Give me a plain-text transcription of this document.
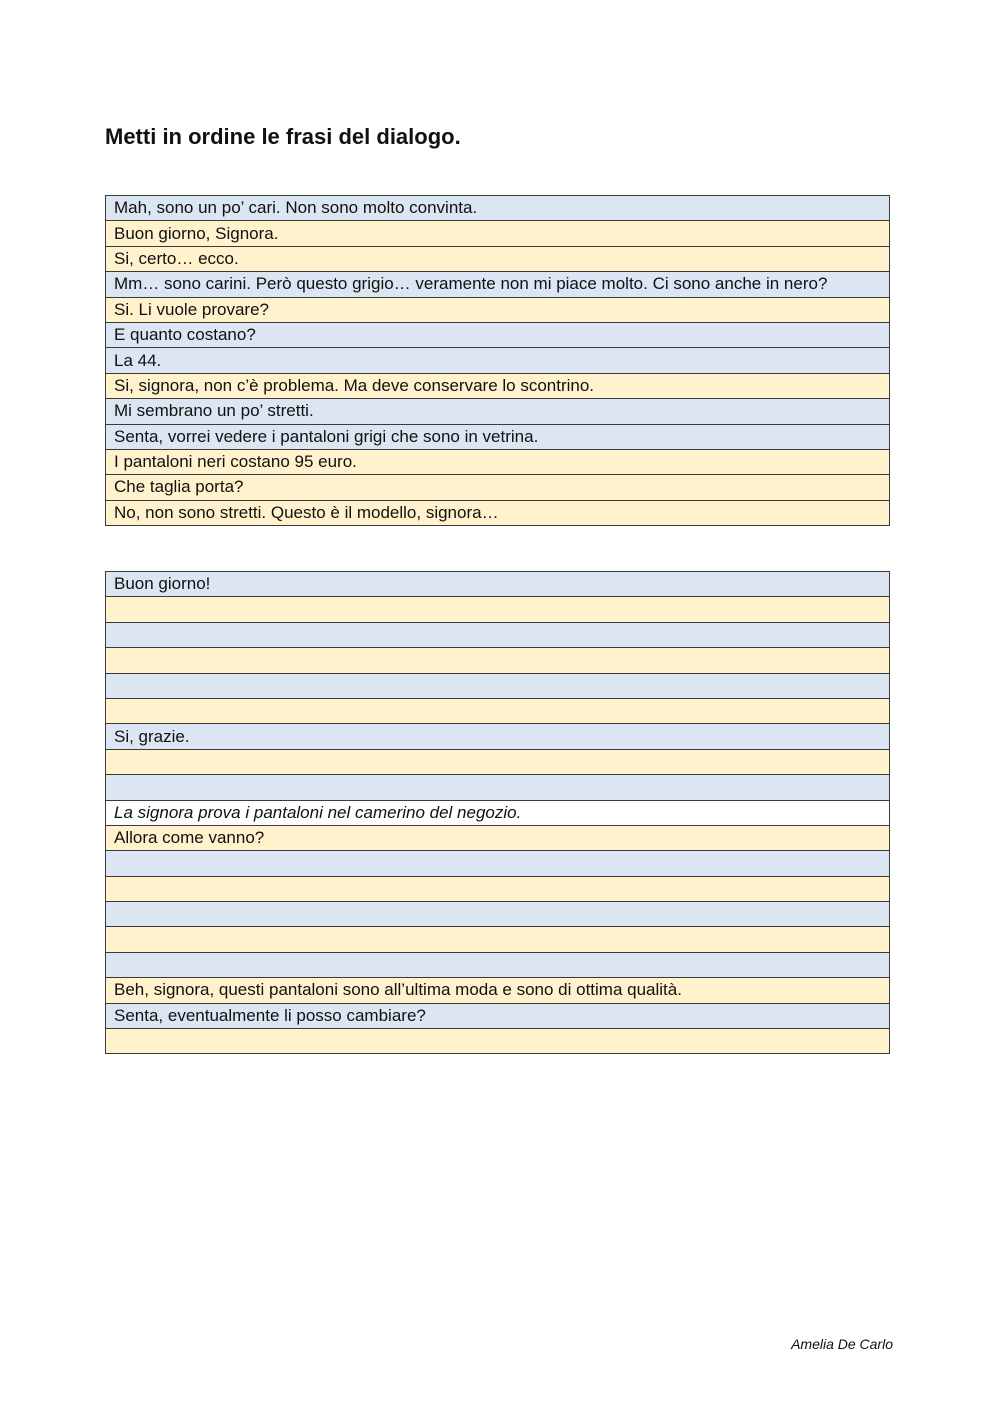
Metti in ordine le frasi del dialogo.
Mah, sono un po’ cari. Non sono molto convinta.
Buon giorno, Signora.
Si, certo… ecco.
Mm… sono carini. Però questo grigio… veramente non mi piace molto. Ci sono anche in nero?
Si. Li vuole provare?
E quanto costano?
La 44.
Si, signora, non c’è problema. Ma deve conservare lo scontrino.
Mi sembrano un po’ stretti.
Senta, vorrei vedere i pantaloni grigi che sono in vetrina.
I pantaloni neri costano 95 euro.
Che taglia porta?
No, non sono stretti. Questo è il modello, signora…
Buon giorno!

Si, grazie.

La signora prova i pantaloni nel camerino del negozio.
Allora come vanno?

Beh, signora, questi pantaloni sono all’ultima moda e sono di ottima qualità.
Senta, eventualmente li posso cambiare?

Amelia De Carlo
